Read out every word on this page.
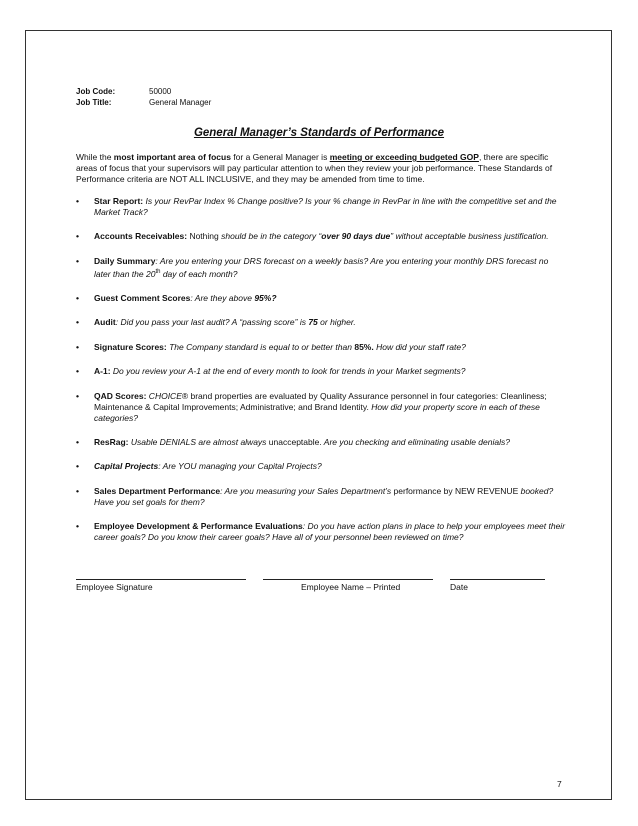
Job Code:	50000
Job Title:	General Manager
General Manager’s Standards of Performance
While the most important area of focus for a General Manager is meeting or exceeding budgeted GOP, there are specific areas of focus that your supervisors will pay particular attention to when they review your job performance. These Standards of Performance criteria are NOT ALL INCLUSIVE, and they may be amended from time to time.
• Star Report: Is your RevPar Index % Change positive? Is your % change in RevPar in line with the competitive set and the Market Track?
• Accounts Receivables: Nothing should be in the category “over 90 days due” without acceptable business justification.
• Daily Summary: Are you entering your DRS forecast on a weekly basis? Are you entering your monthly DRS forecast no later than the 20th day of each month?
• Guest Comment Scores: Are they above 95%?
• Audit: Did you pass your last audit? A “passing score” is 75 or higher.
• Signature Scores: The Company standard is equal to or better than 85%. How did your staff rate?
• A-1: Do you review your A-1 at the end of every month to look for trends in your Market segments?
• QAD Scores: CHOICE® brand properties are evaluated by Quality Assurance personnel in four categories: Cleanliness; Maintenance & Capital Improvements; Administrative; and Brand Identity. How did your property score in each of these categories?
• ResRag: Usable DENIALS are almost always unacceptable. Are you checking and eliminating usable denials?
• Capital Projects: Are YOU managing your Capital Projects?
• Sales Department Performance: Are you measuring your Sales Department’s performance by NEW REVENUE booked? Have you set goals for them?
• Employee Development & Performance Evaluations: Do you have action plans in place to help your employees meet their career goals? Do you know their career goals? Have all of your personnel been reviewed on time?
Employee Signature	Employee Name – Printed	Date
7
